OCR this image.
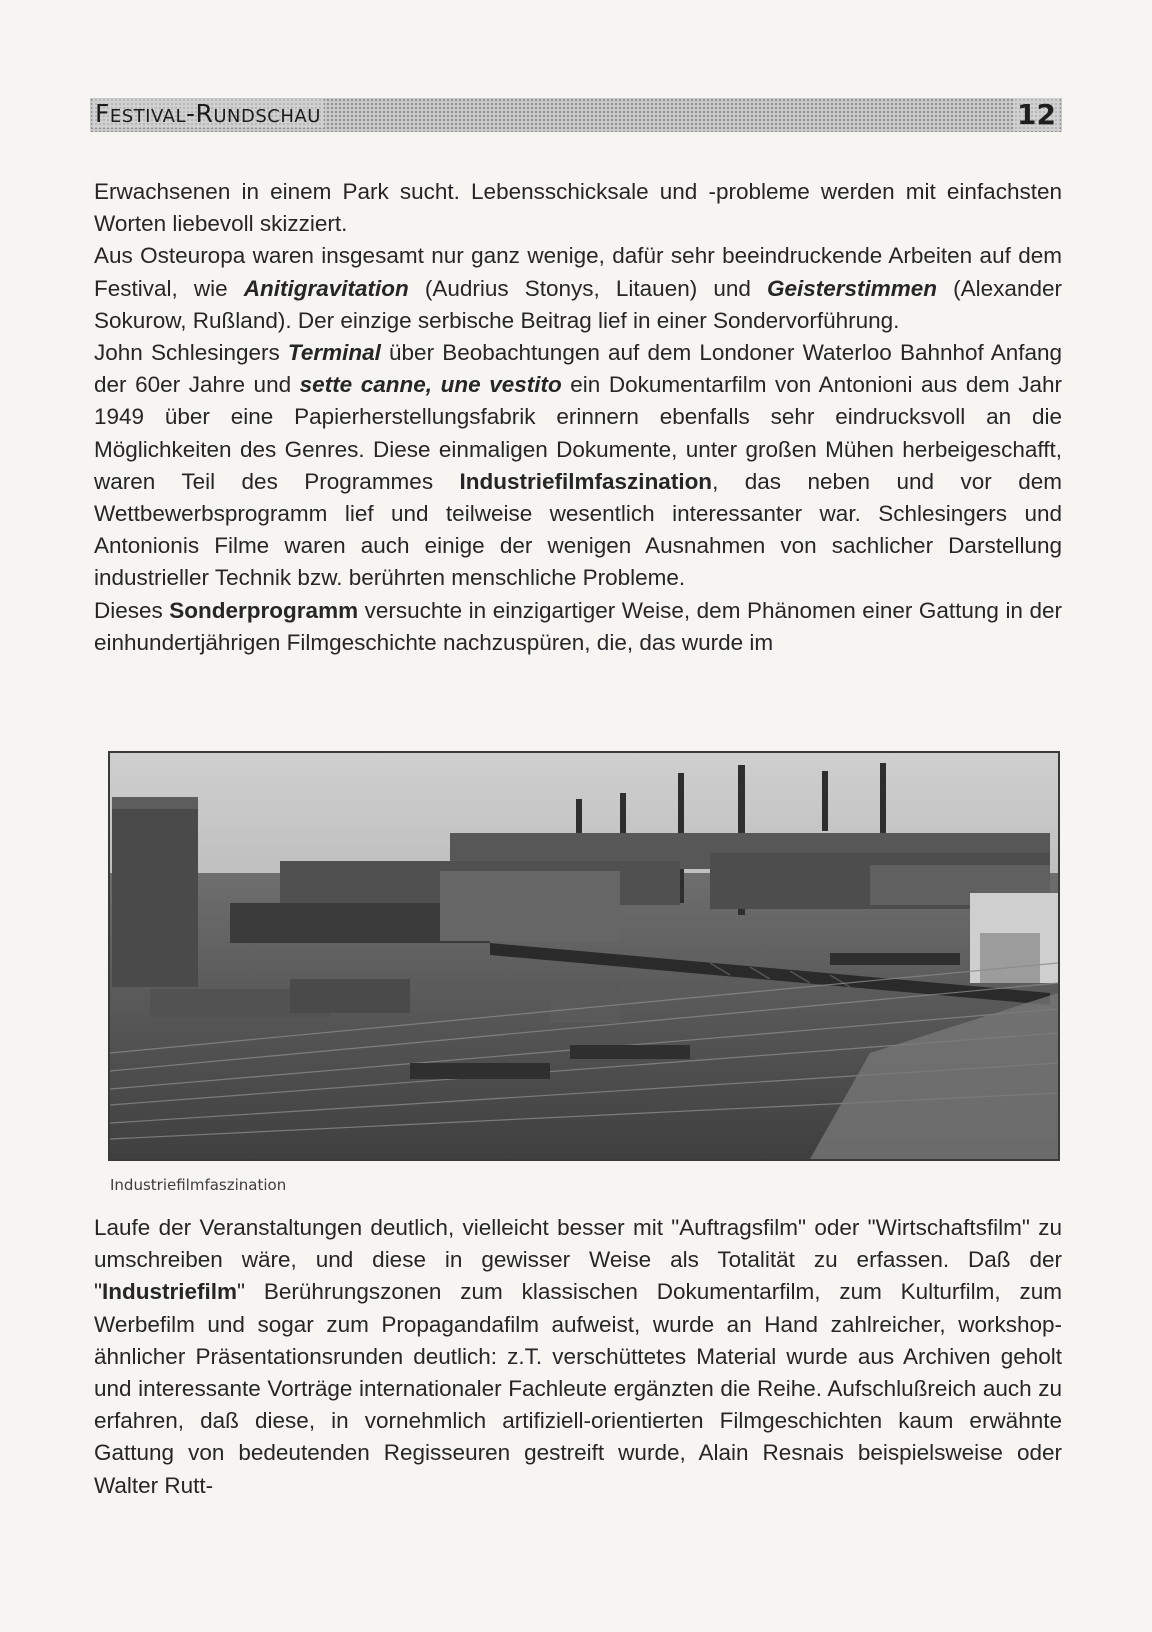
Festival-Rundschau	12

Erwachsenen in einem Park sucht. Lebensschicksale und -probleme werden mit einfachsten Worten liebevoll skizziert.

Aus Osteuropa waren insgesamt nur ganz wenige, dafür sehr beeindruckende Arbeiten auf dem Festival, wie Anitigravitation (Audrius Stonys, Litauen) und Geisterstimmen (Alexander Sokurow, Rußland). Der einzige serbische Beitrag lief in einer Sondervorführung.

John Schlesingers Terminal über Beobachtungen auf dem Londoner Waterloo Bahnhof Anfang der 60er Jahre und sette canne, une vestito ein Dokumentarfilm von Antonioni aus dem Jahr 1949 über eine Papierherstellungsfabrik erinnern ebenfalls sehr eindrucksvoll an die Möglichkeiten des Genres. Diese einmaligen Dokumente, unter großen Mühen herbeigeschafft, waren Teil des Programmes Industriefilmfaszination, das neben und vor dem Wettbewerbsprogramm lief und teilweise wesentlich interessanter war. Schlesingers und Antonionis Filme waren auch einige der wenigen Ausnahmen von sachlicher Darstellung industrieller Technik bzw. berührten menschliche Probleme.

Dieses Sonderprogramm versuchte in einzigartiger Weise, dem Phänomen einer Gattung in der einhundertjährigen Filmgeschichte nachzuspüren, die, das wurde im

Industriefilmfaszination

Laufe der Veranstaltungen deutlich, vielleicht besser mit "Auftragsfilm" oder "Wirtschaftsfilm" zu umschreiben wäre, und diese in gewisser Weise als Totalität zu erfassen. Daß der "Industriefilm" Berührungszonen zum klassischen Dokumentarfilm, zum Kulturfilm, zum Werbefilm und sogar zum Propagandafilm aufweist, wurde an Hand zahlreicher, workshop-ähnlicher Präsentationsrunden deutlich: z.T. verschüttetes Material wurde aus Archiven geholt und interessante Vorträge internationaler Fachleute ergänzten die Reihe. Aufschlußreich auch zu erfahren, daß diese, in vornehmlich artifiziell-orientierten Filmgeschichten kaum erwähnte Gattung von bedeutenden Regisseuren gestreift wurde, Alain Resnais beispielsweise oder Walter Rutt-
